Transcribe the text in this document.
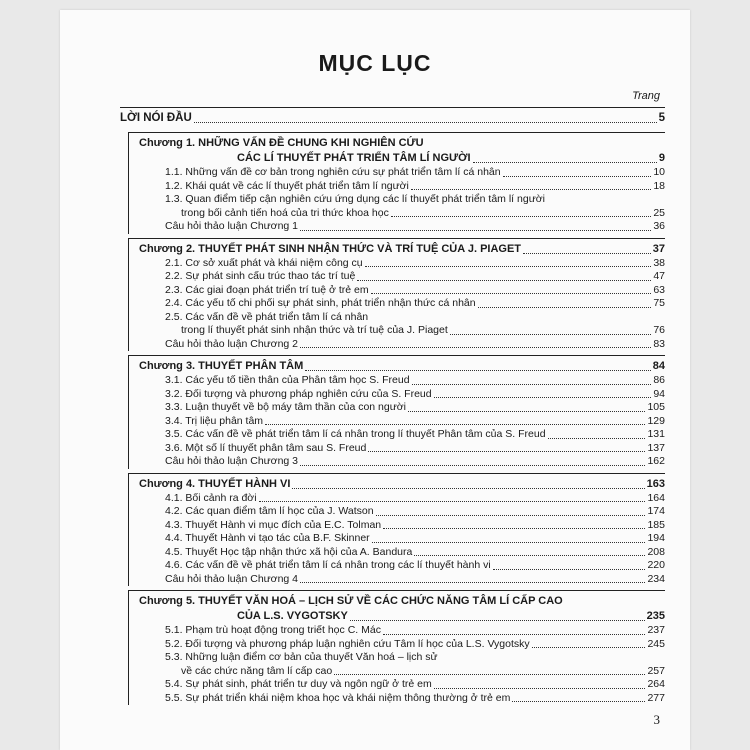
MỤC LỤC
Trang
LỜI NÓI ĐẦU	5
Chương 1. NHỮNG VẤN ĐỀ CHUNG KHI NGHIÊN CỨU
CÁC LÍ THUYẾT PHÁT TRIỂN TÂM LÍ NGƯỜI	9
1.1. Những vấn đề cơ bản trong nghiên cứu sự phát triển tâm lí cá nhân	10
1.2. Khái quát về các lí thuyết phát triển tâm lí người	18
1.3. Quan điểm tiếp cận nghiên cứu ứng dụng các lí thuyết phát triển tâm lí người
trong bối cảnh tiến hoá của tri thức khoa học	25
Câu hỏi thảo luận Chương 1	36
Chương 2. THUYẾT PHÁT SINH NHẬN THỨC VÀ TRÍ TUỆ CỦA J. PIAGET	37
2.1. Cơ sở xuất phát và khái niệm công cụ	38
2.2. Sự phát sinh cấu trúc thao tác trí tuệ	47
2.3. Các giai đoạn phát triển trí tuệ ở trẻ em	63
2.4. Các yếu tố chi phối sự phát sinh, phát triển nhận thức cá nhân	75
2.5. Các vấn đề về phát triển tâm lí cá nhân
trong lí thuyết phát sinh nhận thức và trí tuệ của J. Piaget	76
Câu hỏi thảo luận Chương 2	83
Chương 3. THUYẾT PHÂN TÂM	84
3.1. Các yếu tố tiền thân của Phân tâm học S. Freud	86
3.2. Đối tượng và phương pháp nghiên cứu của S. Freud	94
3.3. Luận thuyết về bộ máy tâm thần của con người	105
3.4. Trị liệu phân tâm	129
3.5. Các vấn đề về phát triển tâm lí cá nhân trong lí thuyết Phân tâm của S. Freud	131
3.6. Một số lí thuyết phân tâm sau S. Freud	137
Câu hỏi thảo luận Chương 3	162
Chương 4. THUYẾT HÀNH VI	163
4.1. Bối cảnh ra đời	164
4.2. Các quan điểm tâm lí học của J. Watson	174
4.3. Thuyết Hành vi mục đích của E.C. Tolman	185
4.4. Thuyết Hành vi tạo tác của B.F. Skinner	194
4.5. Thuyết Học tập nhận thức xã hội của A. Bandura	208
4.6. Các vấn đề về phát triển tâm lí cá nhân trong các lí thuyết hành vi	220
Câu hỏi thảo luận Chương 4	234
Chương 5. THUYẾT VĂN HOÁ – LỊCH SỬ VỀ CÁC CHỨC NĂNG TÂM LÍ CẤP CAO
CỦA L.S. VYGOTSKY	235
5.1. Phạm trù hoạt động trong triết học C. Mác	237
5.2. Đối tượng và phương pháp luận nghiên cứu Tâm lí học của L.S. Vygotsky	245
5.3. Những luận điểm cơ bản của thuyết Văn hoá – lịch sử
về các chức năng tâm lí cấp cao	257
5.4. Sự phát sinh, phát triển tư duy và ngôn ngữ ở trẻ em	264
5.5. Sự phát triển khái niệm khoa học và khái niệm thông thường ở trẻ em	277
3
